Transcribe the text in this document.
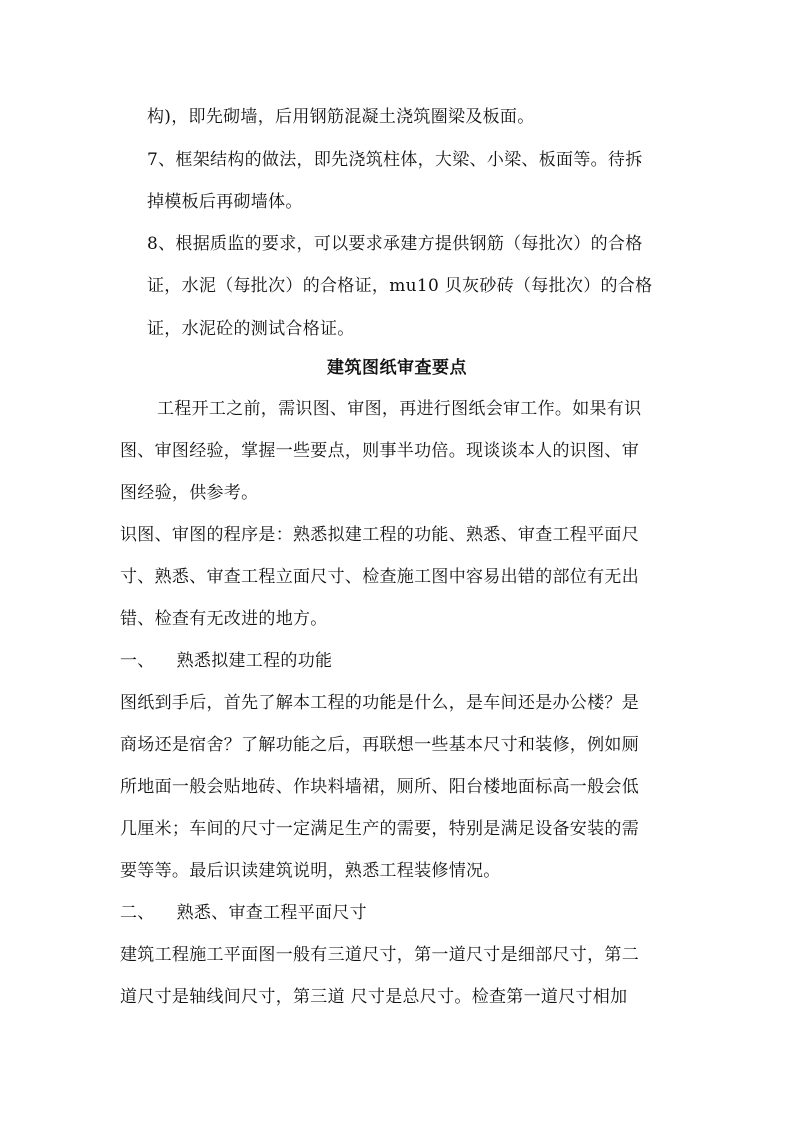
构)，即先砌墙，后用钢筋混凝土浇筑圈梁及板面。
7、框架结构的做法，即先浇筑柱体，大梁、小梁、板面等。待拆
掉模板后再砌墙体。
8、根据质监的要求，可以要求承建方提供钢筋（每批次）的合格
证，水泥（每批次）的合格证，mu10 贝灰砂砖（每批次）的合格
证，水泥砼的测试合格证。
建筑图纸审查要点
工程开工之前，需识图、审图，再进行图纸会审工作。如果有识
图、审图经验，掌握一些要点，则事半功倍。现谈谈本人的识图、审
图经验，供参考。
识图、审图的程序是：熟悉拟建工程的功能、熟悉、审查工程平面尺
寸、熟悉、审查工程立面尺寸、检查施工图中容易出错的部位有无出
错、检查有无改进的地方。
一、 熟悉拟建工程的功能
图纸到手后，首先了解本工程的功能是什么，是车间还是办公楼？是
商场还是宿舍？了解功能之后，再联想一些基本尺寸和装修，例如厕
所地面一般会贴地砖、作块料墙裙，厕所、阳台楼地面标高一般会低
几厘米；车间的尺寸一定满足生产的需要，特别是满足设备安装的需
要等等。最后识读建筑说明，熟悉工程装修情况。
二、 熟悉、审查工程平面尺寸
建筑工程施工平面图一般有三道尺寸，第一道尺寸是细部尺寸，第二
道尺寸是轴线间尺寸，第三道 尺寸是总尺寸。检查第一道尺寸相加
